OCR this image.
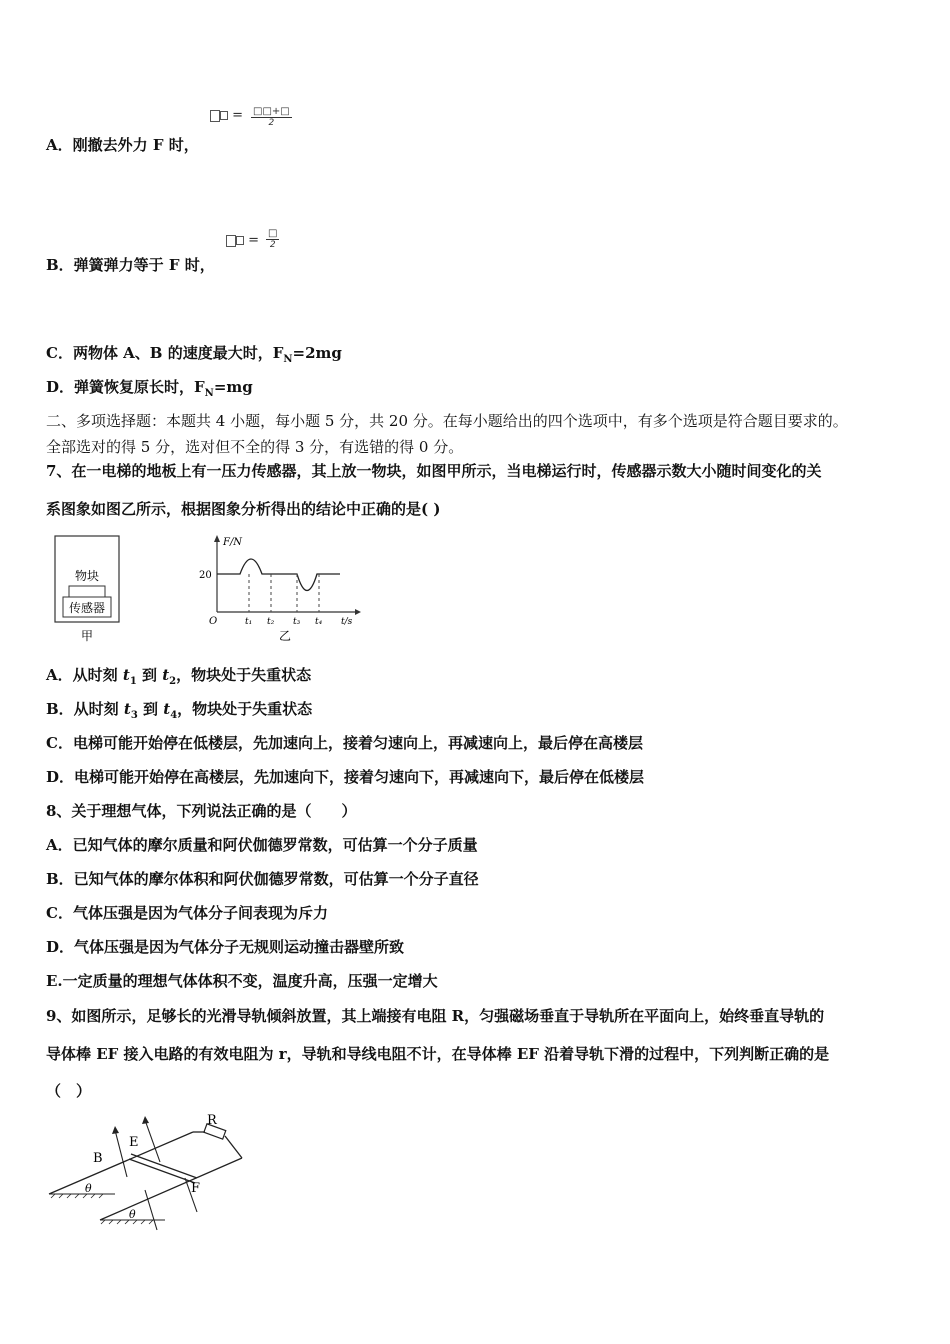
A．刚撤去外力 F 时，
= □□+□
2
B．弹簧弹力等于 F 时，
= □
2
C．两物体 A、B 的速度最大时，$F_N=2mg$
D．弹簧恢复原长时，$F_N=mg$
二、多项选择题：本题共 4 小题，每小题 5 分，共 20 分。在每小题给出的四个选项中，有多个选项是符合题目要求的。
全部选对的得 5 分，选对但不全的得 3 分，有选错的得 0 分。
7、在一电梯的地板上有一压力传感器，其上放一物块，如图甲所示，当电梯运行时，传感器示数大小随时间变化的关
系图象如图乙所示，根据图象分析得出的结论中正确的是( )
物块
传感器
甲
F/N
20
O	t₁ t₂ t₃ t₄ t/s
乙
A．从时刻 $t_1$ 到 $t_2$，物块处于失重状态
B．从时刻 $t_3$ 到 $t_4$，物块处于失重状态
C．电梯可能开始停在低楼层，先加速向上，接着匀速向上，再减速向上，最后停在高楼层
D．电梯可能开始停在高楼层，先加速向下，接着匀速向下，再减速向下，最后停在低楼层
8、关于理想气体，下列说法正确的是（　　）
A．已知气体的摩尔质量和阿伏伽德罗常数，可估算一个分子质量
B．已知气体的摩尔体积和阿伏伽德罗常数，可估算一个分子直径
C．气体压强是因为气体分子间表现为斥力
D．气体压强是因为气体分子无规则运动撞击器壁所致
E.一定质量的理想气体体积不变，温度升高，压强一定增大
9、如图所示，足够长的光滑导轨倾斜放置，其上端接有电阻 R，匀强磁场垂直于导轨所在平面向上，始终垂直导轨的
导体棒 EF 接入电路的有效电阻为 r，导轨和导线电阻不计，在导体棒 EF 沿着导轨下滑的过程中，下列判断正确的是
（　）
R
θ
θ
B
E
F
